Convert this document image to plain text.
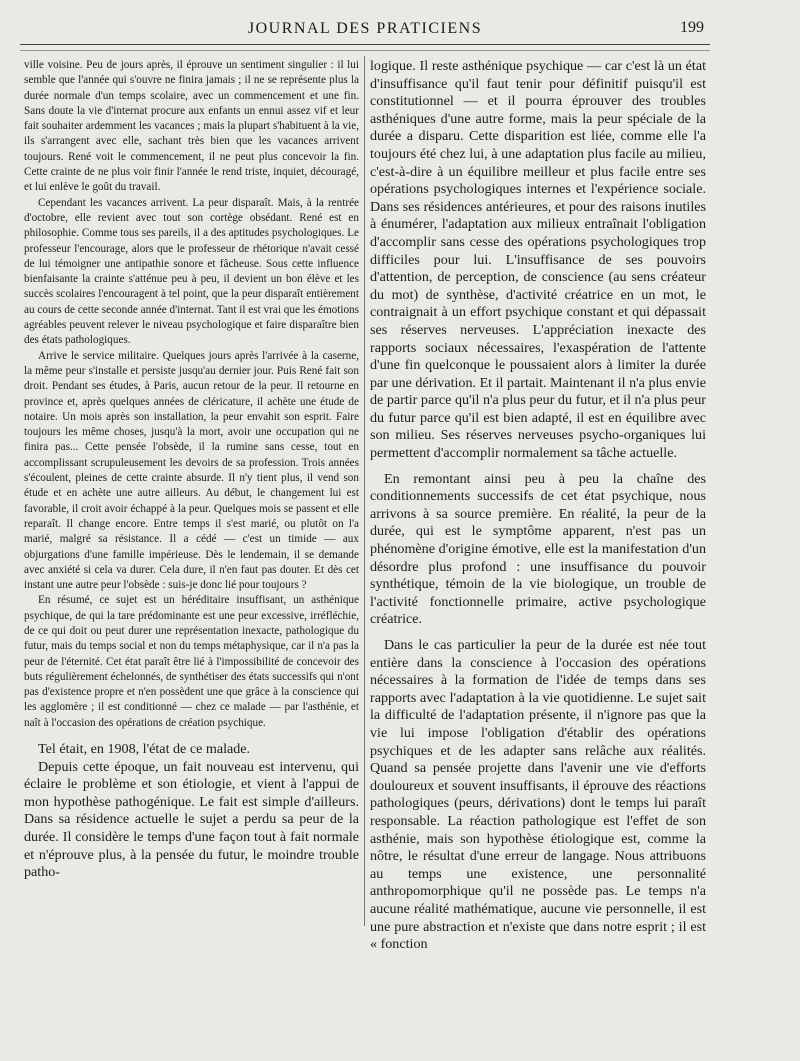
JOURNAL DES PRATICIENS	199

ville voisine. Peu de jours après, il éprouve un sentiment singulier : il lui semble que l'année qui s'ouvre ne finira jamais ; il ne se représente plus la durée normale d'un temps scolaire, avec un commencement et une fin. Sans doute la vie d'internat procure aux enfants un ennui assez vif et leur fait souhaiter ardemment les vacances ; mais la plupart s'habituent à la vie, ils s'arrangent avec elle, sachant très bien que les vacances arrivent toujours. René voit le commencement, il ne peut plus concevoir la fin. Cette crainte de ne plus voir finir l'année le rend triste, inquiet, découragé, et lui enlève le goût du travail.

Cependant les vacances arrivent. La peur disparaît. Mais, à la rentrée d'octobre, elle revient avec tout son cortège obsédant. René est en philosophie. Comme tous ses pareils, il a des aptitudes psychologiques. Le professeur l'encourage, alors que le professeur de rhétorique n'avait cessé de lui témoigner une antipathie sonore et fâcheuse. Sous cette influence bienfaisante la crainte s'atténue peu à peu, il devient un bon élève et les succès scolaires l'encouragent à tel point, que la peur disparaît entièrement au cours de cette seconde année d'internat. Tant il est vrai que les émotions agréables peuvent relever le niveau psychologique et faire disparaître bien des états pathologiques.

Arrive le service militaire. Quelques jours après l'arrivée à la caserne, la même peur s'installe et persiste jusqu'au dernier jour. Puis René fait son droit. Pendant ses études, à Paris, aucun retour de la peur. Il retourne en province et, après quelques années de cléricature, il achète une étude de notaire. Un mois après son installation, la peur envahit son esprit. Faire toujours les même choses, jusqu'à la mort, avoir une occupation qui ne finira pas... Cette pensée l'obsède, il la rumine sans cesse, tout en accomplissant scrupuleusement les devoirs de sa profession. Trois années s'écoulent, pleines de cette crainte absurde. Il n'y tient plus, il vend son étude et en achète une autre ailleurs. Au début, le changement lui est favorable, il croit avoir échappé à la peur. Quelques mois se passent et elle reparaît. Il change encore. Entre temps il s'est marié, ou plutôt on l'a marié, malgré sa résistance. Il a cédé — c'est un timide — aux objurgations d'une famille impérieuse. Dès le lendemain, il se demande avec anxiété si cela va durer. Cela dure, il n'en faut pas douter. Et dès cet instant une autre peur l'obsède : suis-je donc lié pour toujours ?

En résumé, ce sujet est un héréditaire insuffisant, un asthénique psychique, de qui la tare prédominante est une peur excessive, irréfléchie, de ce qui doit ou peut durer une représentation inexacte, pathologique du futur, mais du temps social et non du temps métaphysique, car il n'a pas la peur de l'éternité. Cet état paraît être lié à l'impossibilité de concevoir des buts régulièrement échelonnés, de synthétiser des états successifs qui n'ont pas d'existence propre et n'en possèdent une que grâce à la conscience qui les agglomère ; il est conditionné — chez ce malade — par l'asthénie, et naît à l'occasion des opérations de création psychique.

Tel était, en 1908, l'état de ce malade.

Depuis cette époque, un fait nouveau est intervenu, qui éclaire le problème et son étiologie, et vient à l'appui de mon hypothèse pathogénique. Le fait est simple d'ailleurs. Dans sa résidence actuelle le sujet a perdu sa peur de la durée. Il considère le temps d'une façon tout à fait normale et n'éprouve plus, à la pensée du futur, le moindre trouble patho-

logique. Il reste asthénique psychique — car c'est là un état d'insuffisance qu'il faut tenir pour définitif puisqu'il est constitutionnel — et il pourra éprouver des troubles asthéniques d'une autre forme, mais la peur spéciale de la durée a disparu. Cette disparition est liée, comme elle l'a toujours été chez lui, à une adaptation plus facile au milieu, c'est-à-dire à un équilibre meilleur et plus facile entre ses opérations psychologiques internes et l'expérience sociale. Dans ses résidences antérieures, et pour des raisons inutiles à énumérer, l'adaptation aux milieux entraînait l'obligation d'accomplir sans cesse des opérations psychologiques trop difficiles pour lui. L'insuffisance de ses pouvoirs d'attention, de perception, de conscience (au sens créateur du mot) de synthèse, d'activité créatrice en un mot, le contraignait à un effort psychique constant et qui dépassait ses réserves nerveuses. L'appréciation inexacte des rapports sociaux nécessaires, l'exaspération de l'attente d'une fin quelconque le poussaient alors à limiter la durée par une dérivation. Et il partait. Maintenant il n'a plus envie de partir parce qu'il n'a plus peur du futur, et il n'a plus peur du futur parce qu'il est bien adapté, il est en équilibre avec son milieu. Ses réserves nerveuses psycho-organiques lui permettent d'accomplir normalement sa tâche actuelle.

En remontant ainsi peu à peu la chaîne des conditionnements successifs de cet état psychique, nous arrivons à sa source première. En réalité, la peur de la durée, qui est le symptôme apparent, n'est pas un phénomène d'origine émotive, elle est la manifestation d'un désordre plus profond : une insuffisance du pouvoir synthétique, témoin de la vie biologique, un trouble de l'activité fonctionnelle primaire, active psychologique créatrice.

Dans le cas particulier la peur de la durée est née tout entière dans la conscience à l'occasion des opérations nécessaires à la formation de l'idée de temps dans ses rapports avec l'adaptation à la vie quotidienne. Le sujet sait la difficulté de l'adaptation présente, il n'ignore pas que la vie lui impose l'obligation d'établir des opérations psychiques et de les adapter sans relâche aux réalités. Quand sa pensée projette dans l'avenir une vie d'efforts douloureux et souvent insuffisants, il éprouve des réactions pathologiques (peurs, dérivations) dont le temps lui paraît responsable. La réaction pathologique est l'effet de son asthénie, mais son hypothèse étiologique est, comme la nôtre, le résultat d'une erreur de langage. Nous attribuons au temps une existence, une personnalité anthropomorphique qu'il ne possède pas. Le temps n'a aucune réalité mathématique, aucune vie personnelle, il est une pure abstraction et n'existe que dans notre esprit ; il est « fonction
